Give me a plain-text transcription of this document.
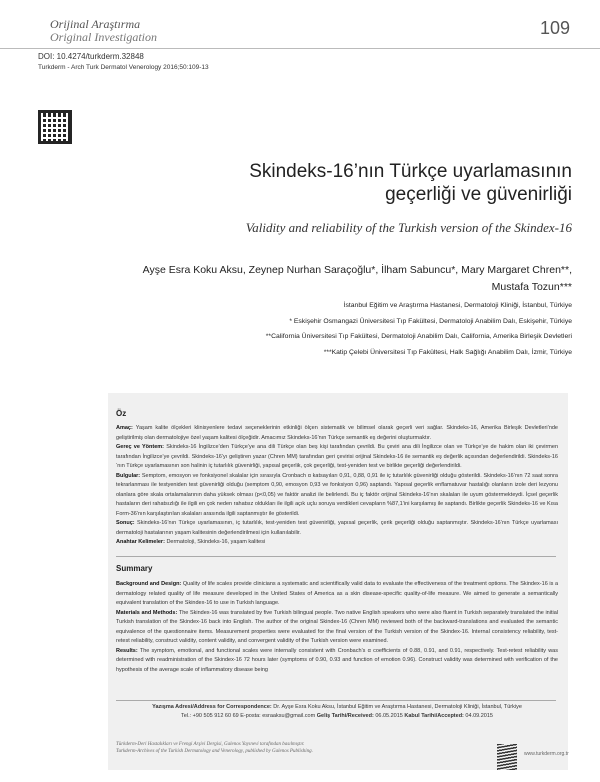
Orijinal Araştırma
Original Investigation	109
DOI: 10.4274/turkderm.32848
Turkderm - Arch Turk Dermatol Venerology 2016;50:109-13
Skindeks-16’nın Türkçe uyarlamasının
geçerliği ve güvenirliği
Validity and reliability of the Turkish version of the Skindex-16
Ayşe Esra Koku Aksu, Zeynep Nurhan Saraçoğlu*, İlham Sabuncu*, Mary Margaret Chren**,
Mustafa Tozun***
İstanbul Eğitim ve Araştırma Hastanesi, Dermatoloji Kliniği, İstanbul, Türkiye
* Eskişehir Osmangazi Üniversitesi Tıp Fakültesi, Dermatoloji Anabilim Dalı, Eskişehir, Türkiye
**California Üniversitesi Tıp Fakültesi, Dermatoloji Anabilim Dalı, California, Amerika Birleşik Devletleri
***Katip Çelebi Üniversitesi Tıp Fakültesi, Halk Sağlığı Anabilim Dalı, İzmir, Türkiye
Öz
Amaç: Yaşam kalite ölçekleri klinisyenlere tedavi seçeneklerinin etkinliği ölçen sistematik ve bilimsel olarak geçerli veri sağlar. Skindeks-16, Amerika Birleşik Devletleri’nde geliştirilmiş olan dermatolojiye özel yaşam kalitesi ölçeğidir. Amacımız Skindeks-16’nın Türkçe semantik eş değerini oluşturmaktır.
Gereç ve Yöntem: Skindeks-16 İngilizce’den Türkçe’ye ana dili Türkçe olan beş kişi tarafından çevrildi. Bu çeviri ana dili İngilizce olan ve Türkçe’ye de hakim olan iki çevirmen tarafından İngilizce’ye çevrildi. Skindeks-16’yı geliştiren yazar (Chren MM) tarafından geri çevirisi orijinal Skindeks-16 ile semantik eş değerlik açısından değerlendirildi. Skindeks-16 ‘nın Türkçe uyarlamasının son halinin iç tutarlılık güvenirliği, yapısal geçerlik, çok geçerliği, test-yeniden test ve birlikte geçerliği değerlendirildi.
Bulgular: Semptom, emosyon ve fonksiyonel skalalar için sırasıyla Cronbach α katsayıları 0,91, 0,88, 0,91 ile iç tutarlılık güvenirliği olduğu gösterildi. Skindeks-16’nın 72 saat sonra tekrarlanması ile testyeniden test güvenirliği olduğu (semptom 0,90, emosyon 0,93 ve fonksiyon 0,96) saptandı. Yapısal geçerlik enflamatuvar hastalığı olanların izole deri lezyonu olanlara göre skala ortalamalarının daha yüksek olması (p<0,05) ve faktör analizi ile belirlendi. Bu iç faktör orijinal Skindeks-16’nın skalaları ile uyum göstermekteydi. İçsel geçerlik hastaların deri rahatsızlığı ile ilgili en çok neden rahatsız oldukları ile ilgili açık uçlu soruya verdikleri cevapların %87,1’ini karşılamış ile saptandı. Birlikte geçerlik Skindeks-16 ve Kısa Form-36’nın karşılaştırılan skalaları arasında ilgili saptanmıştır ile gösterildi.
Sonuç: Skindeks-16’nın Türkçe uyarlamasının, iç tutarlılık, test-yeniden test güvenirliği, yapısal geçerlik, çerik geçerliği olduğu saptanmıştır. Skindeks-16’nın Türkçe uyarlaması dermatoloji hastalarının yaşam kalitesinin değerlendirilmesi için kullanılabilir.
Anahtar Kelimeler: Dermatoloji, Skindeks-16, yaşam kalitesi
Summary
Background and Design: Quality of life scales provide clinicians a systematic and scientifically valid data to evaluate the effectiveness of the treatment options. The Skindex-16 is a dermatology related quality of life measure developed in the United States of America as a skin disease-specific quality-of-life measure. We aimed to generate a semantically equivalent translation of the Skindex-16 to use in Turkish language.
Materials and Methods: The Skindex-16 was translated by five Turkish bilingual people. Two native English speakers who were also fluent in Turkish separately translated the initial Turkish translation of the Skindex-16 back into English. The author of the original Skindex-16 (Chren MM) reviewed both of the backward-translations and evaluated the semantic equivalence of the questionnaire items. Measurement properties were evaluated for the final version of the Turkish version of the Skindex-16. Internal consistency reliability, test-retest reliability, construct validity, content validity, and convergent validity of the Turkish version were examined.
Results: The symptom, emotional, and functional scales were internally consistent with Cronbach’s α coefficients of 0.88, 0.91, and 0.91, respectively. Test-retest reliability was determined with readministration of the Skindex-16 72 hours later (symptoms of 0.90, 0.93 and function of emotion 0.96). Construct validity was determined with verification of the hypothesis of the average scale of inflammatory disease being
Yazışma Adresi/Address for Correspondence: Dr. Ayşe Esra Koku Aksu, İstanbul Eğitim ve Araştırma Hastanesi, Dermatoloji Kliniği, İstanbul, Türkiye
Tel.: +90 505 912 60 69 E-posta: esraaksu@gmail.com Geliş Tarihi/Received: 06.05.2015 Kabul Tarihi/Accepted: 04.09.2015
Türkderm-Deri Hastalıkları ve Frengi Arşivi Dergisi, Galenos Yayınevi tarafından basılmıştır.
Turkderm-Archives of the Turkish Dermatology and Venerology, published by Galenos Publishing.	www.turkderm.org.tr
